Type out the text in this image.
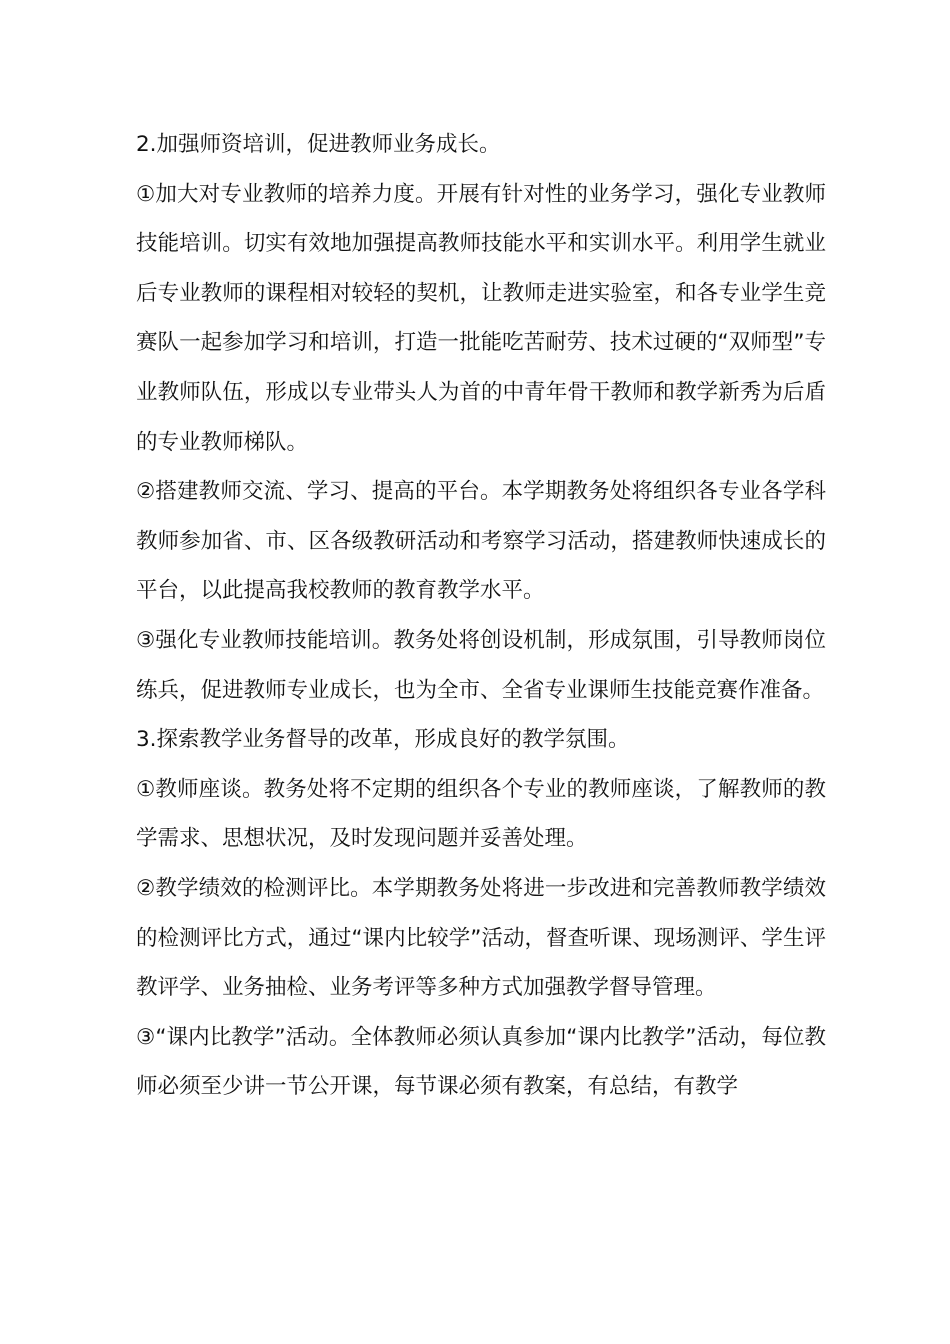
2.加强师资培训，促进教师业务成长。

①加大对专业教师的培养力度。开展有针对性的业务学习，强化专业教师技能培训。切实有效地加强提高教师技能水平和实训水平。利用学生就业后专业教师的课程相对较轻的契机，让教师走进实验室，和各专业学生竞赛队一起参加学习和培训，打造一批能吃苦耐劳、技术过硬的“双师型”专业教师队伍，形成以专业带头人为首的中青年骨干教师和教学新秀为后盾的专业教师梯队。

②搭建教师交流、学习、提高的平台。本学期教务处将组织各专业各学科教师参加省、市、区各级教研活动和考察学习活动，搭建教师快速成长的平台，以此提高我校教师的教育教学水平。

③强化专业教师技能培训。教务处将创设机制，形成氛围，引导教师岗位练兵，促进教师专业成长，也为全市、全省专业课师生技能竞赛作准备。

3.探索教学业务督导的改革，形成良好的教学氛围。

①教师座谈。教务处将不定期的组织各个专业的教师座谈，了解教师的教学需求、思想状况，及时发现问题并妥善处理。

②教学绩效的检测评比。本学期教务处将进一步改进和完善教师教学绩效的检测评比方式，通过“课内比较学”活动，督查听课、现场测评、学生评教评学、业务抽检、业务考评等多种方式加强教学督导管理。

③“课内比教学”活动。全体教师必须认真参加“课内比教学”活动，每位教师必须至少讲一节公开课，每节课必须有教案，有总结，有教学
